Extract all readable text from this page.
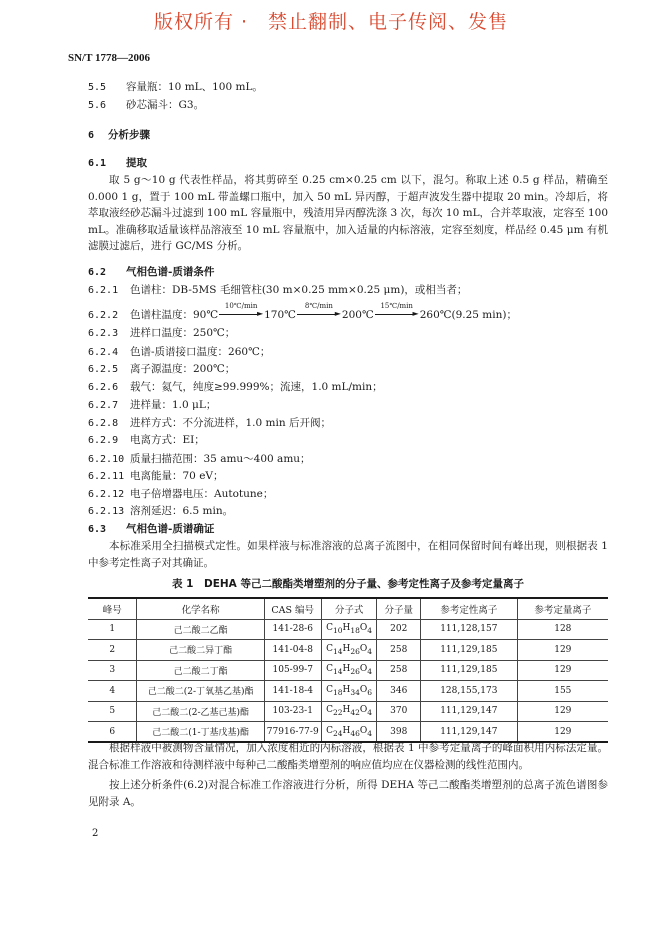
版权所有 ·　禁止翻制、电子传阅、发售
SN/T 1778—2006
5.5 容量瓶：10 mL、100 mL。
5.6 砂芯漏斗：G3。
6 分析步骤
6.1 提取

取 5 g～10 g 代表性样品，将其剪碎至 0.25 cm×0.25 cm 以下，混匀。称取上述 0.5 g 样品，精确至 0.000 1 g，置于 100 mL 带盖螺口瓶中，加入 50 mL 异丙醇，于超声波发生器中提取 20 min。冷却后，将萃取液经砂芯漏斗过滤到 100 mL 容量瓶中，残渣用异丙醇洗涤 3 次，每次 10 mL，合并萃取液，定容至 100 mL。准确移取适量该样品溶液至 10 mL 容量瓶中，加入适量的内标溶液，定容至刻度，样品经 0.45 μm 有机滤膜过滤后，进行 GC/MS 分析。

6.2 气相色谱-质谱条件
6.2.1 色谱柱：DB-5MS 毛细管柱(30 m×0.25 mm×0.25 μm)，或相当者；
6.2.2 色谱柱温度：90℃
10℃/min
► 170℃
8℃/min
► 200℃
15℃/min
► 260℃(9.25 min)；
6.2.3 进样口温度：250℃；
6.2.4 色谱-质谱接口温度：260℃；
6.2.5 离子源温度：200℃；
6.2.6 载气：氦气，纯度≥99.999%；流速，1.0 mL/min；
6.2.7 进样量：1.0 μL；
6.2.8 进样方式：不分流进样，1.0 min 后开阀；
6.2.9 电离方式：EI；
6.2.10 质量扫描范围：35 amu～400 amu；
6.2.11 电离能量：70 eV；
6.2.12 电子倍增器电压：Autotune；
6.2.13 溶剂延迟：6.5 min。
6.3 气相色谱-质谱确证

本标准采用全扫描模式定性。如果样液与标准溶液的总离子流图中，在相同保留时间有峰出现，则根据表 1 中参考定性离子对其确证。

表 1　DEHA 等己二酸酯类增塑剂的分子量、参考定性离子及参考定量离子
峰号	化学名称	CAS 编号	分子式	分子量	参考定性离子	参考定量离子
1	己二酸二乙酯	141-28-6	$C_{10}H_{18}O_4$	202	111,128,157	128
2	己二酸二异丁酯	141-04-8	$C_{14}H_{26}O_4$	258	111,129,185	129
3	己二酸二丁酯	105-99-7	$C_{14}H_{26}O_4$	258	111,129,185	129
4	己二酸二(2-丁氧基乙基)酯	141-18-4	$C_{18}H_{34}O_6$	346	128,155,173	155
5	己二酸二(2-乙基己基)酯	103-23-1	$C_{22}H_{42}O_4$	370	111,129,147	129
6	己二酸二(1-丁基戊基)酯	77916-77-9	$C_{24}H_{46}O_4$	398	111,129,147	129

根据样液中被测物含量情况，加入浓度相近的内标溶液，根据表 1 中参考定量离子的峰面积用内标法定量。混合标准工作溶液和待测样液中每种己二酸酯类增塑剂的响应值均应在仪器检测的线性范围内。

按上述分析条件(6.2)对混合标准工作溶液进行分析，所得 DEHA 等己二酸酯类增塑剂的总离子流色谱图参见附录 A。

2
